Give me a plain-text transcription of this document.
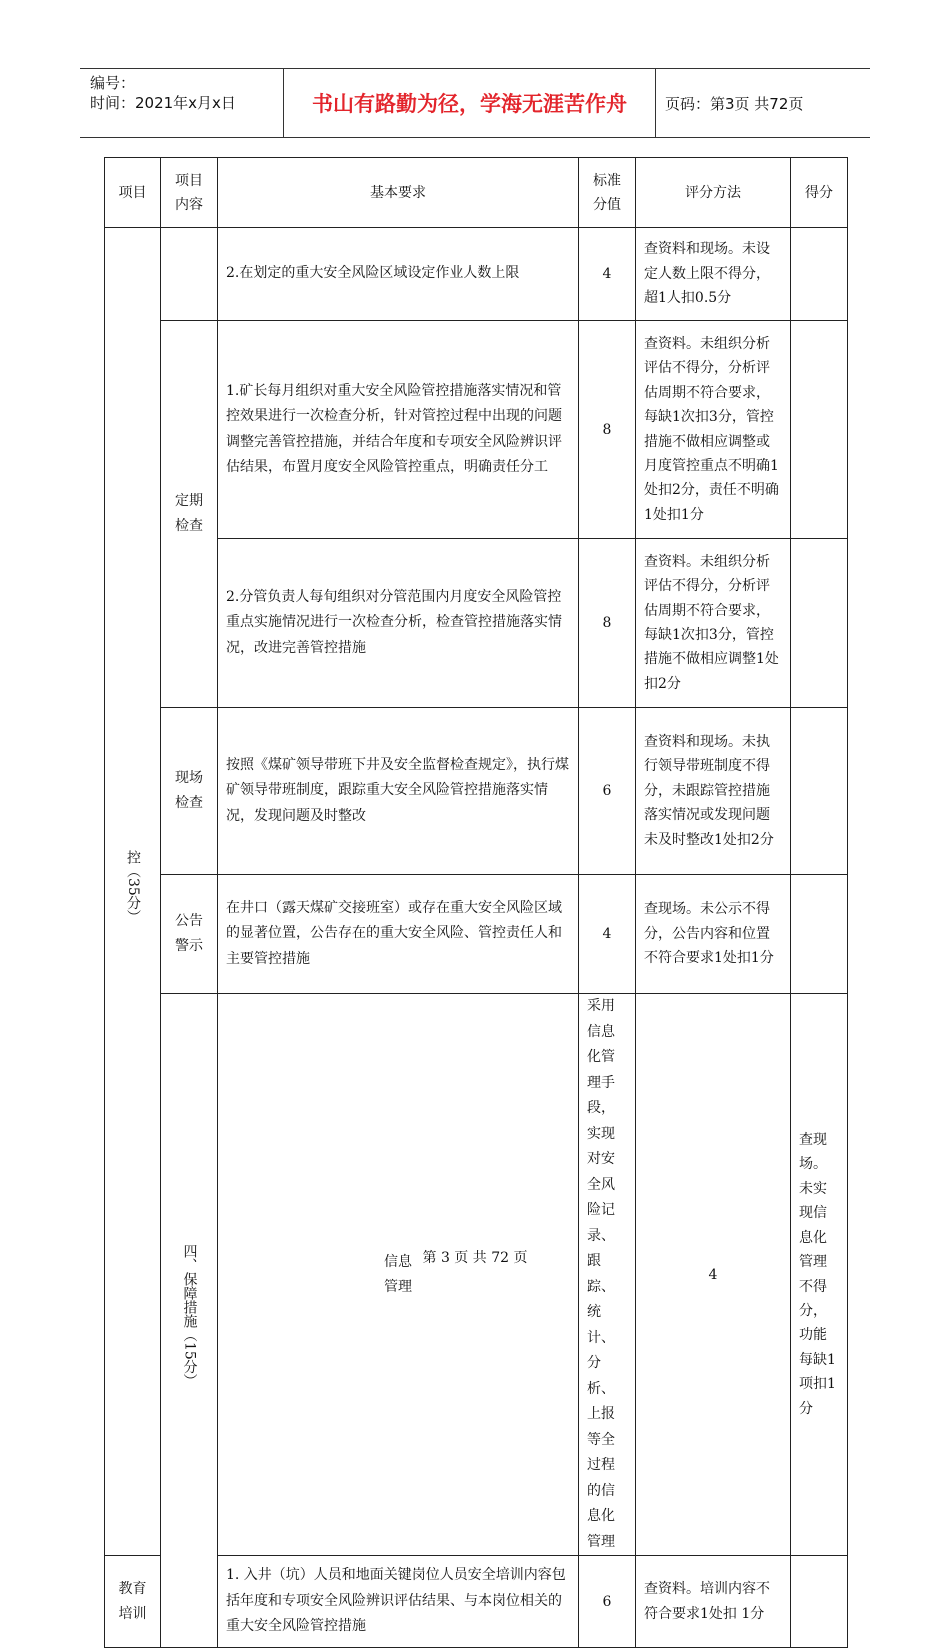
编号：
时间：2021年x月x日	书山有路勤为径，学海无涯苦作舟	页码：第3页 共72页
项目	项目内容	基本要求	标准分值	评分方法	得分	
控（35分）		2.在划定的重大安全风险区域设定作业人数上限	4	查资料和现场。未设定人数上限不得分，超1人扣0.5分		

	定期检查	1.矿长每月组织对重大安全风险管控措施落实情况和管控效果进行一次检查分析，针对管控过程中出现的问题调整完善管控措施，并结合年度和专项安全风险辨识评估结果，布置月度安全风险管控重点，明确责任分工	8	查资料。未组织分析评估不得分，分析评估周期不符合要求，每缺1次扣3分，管控措施不做相应调整或月度管控重点不明确1处扣2分，责任不明确1处扣1分		
		2.分管负责人每旬组织对分管范围内月度安全风险管控重点实施情况进行一次检查分析，检查管控措施落实情况，改进完善管控措施	8	查资料。未组织分析评估不得分，分析评估周期不符合要求，每缺1次扣3分，管控措施不做相应调整1处扣2分		

	现场检查	按照《煤矿领导带班下井及安全监督检查规定》，执行煤矿领导带班制度，跟踪重大安全风险管控措施落实情况，发现问题及时整改	6	查资料和现场。未执行领导带班制度不得分，未跟踪管控措施落实情况或发现问题未及时整改1处扣2分		

	公告警示	在井口（露天煤矿交接班室）或存在重大安全风险区域的显著位置，公告存在的重大安全风险、管控责任人和主要管控措施	4	查现场。未公示不得分，公告内容和位置不符合要求1处扣1分		
	四、保障措施（15分）	信息管理	采用信息化管理手段，实现对安全风险记录、跟踪、统计、分析、上报等全过程的信息化管理	4	查现场。未实现信息化管理不得分，功能每缺1项扣1分	

教育培训		1. 入井（坑）人员和地面关键岗位人员安全培训内容包括年度和专项安全风险辨识评估结果、与本岗位相关的重大安全风险管控措施	6	查资料。培训内容不符合要求1处扣 1分		
第 3 页 共 72 页
